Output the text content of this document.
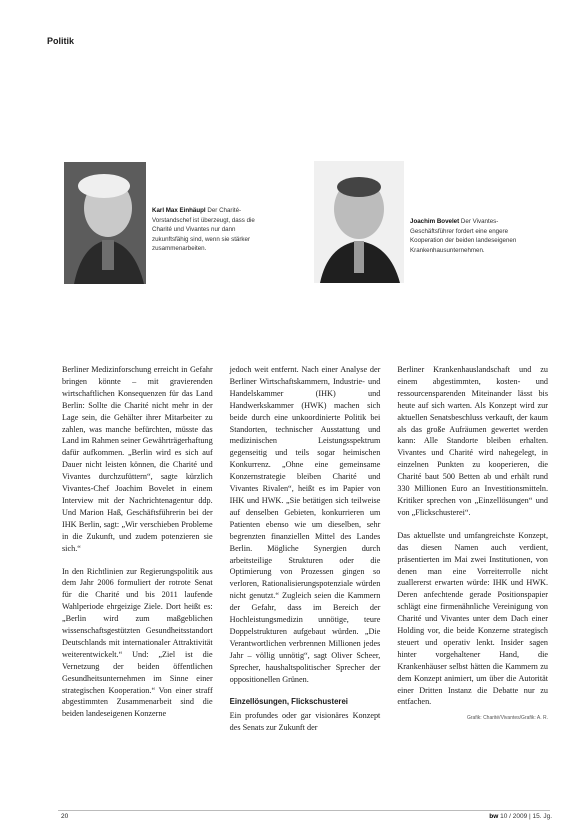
Politik
Karl Max Einhäupl Der Charité-Vorstandschef ist überzeugt, dass die Charité und Vivantes nur dann zukunftsfähig sind, wenn sie stärker zusammenarbeiten.
Joachim Bovelet Der Vivantes-Geschäftsführer fordert eine engere Kooperation der beiden landeseigenen Krankenhausunternehmen.

Berliner Medizinforschung erreicht in Gefahr bringen könnte – mit gravierenden wirtschaftlichen Konsequenzen für das Land Berlin: Sollte die Charité nicht mehr in der Lage sein, die Gehälter ihrer Mitarbeiter zu zahlen, was manche befürchten, müsste das Land im Rahmen seiner Gewährträgerhaftung dafür aufkommen. „Berlin wird es sich auf Dauer nicht leisten können, die Charité und Vivantes durchzufüttern“, sagte kürzlich Vivantes-Chef Joachim Bovelet in einem Interview mit der Nachrichtenagentur ddp. Und Marion Haß, Geschäftsführerin bei der IHK Berlin, sagt: „Wir verschieben Probleme in die Zukunft, und zudem potenzieren sie sich.“

In den Richtlinien zur Regierungspolitik aus dem Jahr 2006 formuliert der rotrote Senat für die Charité und bis 2011 laufende Wahlperiode ehrgeizige Ziele. Dort heißt es: „Berlin wird zum maßgeblichen wissenschaftsgestützten Gesundheitsstandort Deutschlands mit internationaler Attraktivität weiterentwickelt.“ Und: „Ziel ist die Vernetzung der beiden öffentlichen Gesundheitsunternehmen im Sinne einer strategischen Kooperation.“ Von einer straff abgestimmten Zusammenarbeit sind die beiden landeseigenen Konzerne

jedoch weit entfernt. Nach einer Analyse der Berliner Wirtschaftskammern, Industrie- und Handelskammer (IHK) und Handwerkskammer (HWK) machen sich beide durch eine unkoordinierte Politik bei Standorten, technischer Ausstattung und medizinischen Leistungsspektrum gegenseitig und teils sogar heimischen Konkurrenz. „Ohne eine gemeinsame Konzernstrategie bleiben Charité und Vivantes Rivalen“, heißt es im Papier von IHK und HWK. „Sie betätigen sich teilweise auf denselben Gebieten, konkurrieren um Patienten ebenso wie um dieselben, sehr begrenzten finanziellen Mittel des Landes Berlin. Mögliche Synergien durch arbeitsteilige Strukturen oder die Optimierung von Prozessen gingen so verloren, Rationalisierungspotenziale würden nicht genutzt.“ Zugleich seien die Kammern der Gefahr, dass im Bereich der Hochleistungsmedizin unnötige, teure Doppelstrukturen aufgebaut würden. „Die Verantwortlichen verbrennen Millionen jedes Jahr – völlig unnötig“, sagt Oliver Scheer, Sprecher, haushaltspolitischer Sprecher der oppositionellen Grünen.

Einzellösungen, Flickschusterei

Ein profundes oder gar visionäres Konzept des Senats zur Zukunft der

Berliner Krankenhauslandschaft und zu einem abgestimmten, kosten- und ressourcensparenden Miteinander lässt bis heute auf sich warten. Als Konzept wird zur aktuellen Senatsbeschluss verkauft, der kaum als das große Aufräumen gewertet werden kann: Alle Standorte bleiben erhalten. Vivantes und Charité wird nahegelegt, in einzelnen Punkten zu kooperieren, die Charité baut 500 Betten ab und erhält rund 330 Millionen Euro an Investitionsmitteln. Kritiker sprechen von „Einzellösungen“ und von „Flickschusterei“.

Das aktuellste und umfangreichste Konzept, das diesen Namen auch verdient, präsentierten im Mai zwei Institutionen, von denen man eine Vorreiterrolle nicht zuallererst erwarten würde: IHK und HWK. Deren anfechtende gerade Positionspapier schlägt eine firmenähnliche Vereinigung von Charité und Vivantes unter dem Dach einer Holding vor, die beide Konzerne strategisch steuert und operativ lenkt. Insider sagen hinter vorgehaltener Hand, die Krankenhäuser selbst hätten die Kammern zu dem Konzept animiert, um über die Autorität einer Dritten Instanz die Debatte nur zu entfachen.

Grafik: Charité/Vivantes/Grafik: A. R.
20	bw 10 / 2009 | 15. Jg.
